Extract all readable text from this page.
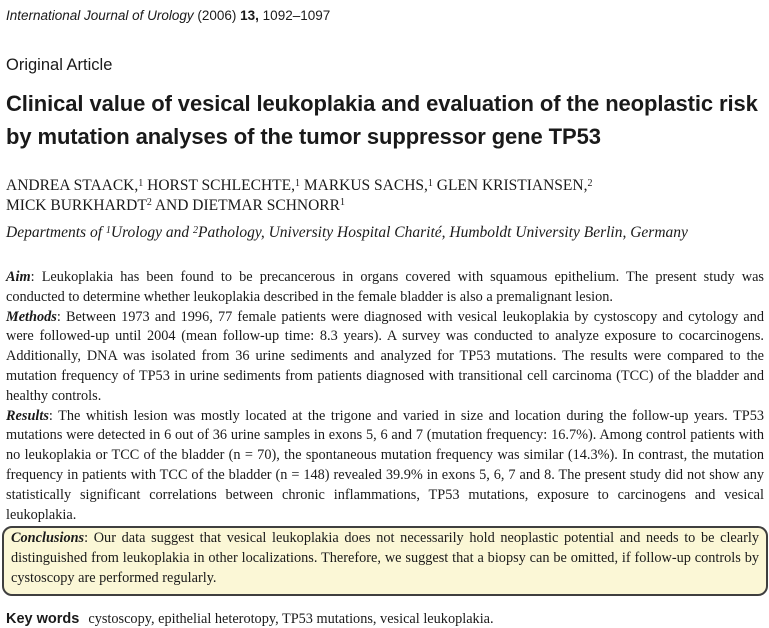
International Journal of Urology (2006) 13, 1092–1097
Original Article
Clinical value of vesical leukoplakia and evaluation of the neoplastic risk by mutation analyses of the tumor suppressor gene TP53

ANDREA STAACK,$^1$ HORST SCHLECHTE,$^1$ MARKUS SACHS,$^1$ GLEN KRISTIANSEN,$^2$
MICK BURKHARDT$^2$ AND DIETMAR SCHNORR$^1$

Departments of $^1$Urology and $^2$Pathology, University Hospital Charité, Humboldt University Berlin, Germany

Aim: Leukoplakia has been found to be precancerous in organs covered with squamous epithelium. The present study was conducted to determine whether leukoplakia described in the female bladder is also a premalignant lesion.

Methods: Between 1973 and 1996, 77 female patients were diagnosed with vesical leukoplakia by cystoscopy and cytology and were followed-up until 2004 (mean follow-up time: 8.3 years). A survey was conducted to analyze exposure to cocarcinogens. Additionally, DNA was isolated from 36 urine sediments and analyzed for TP53 mutations. The results were compared to the mutation frequency of TP53 in urine sediments from patients diagnosed with transitional cell carcinoma (TCC) of the bladder and healthy controls.

Results: The whitish lesion was mostly located at the trigone and varied in size and location during the follow-up years. TP53 mutations were detected in 6 out of 36 urine samples in exons 5, 6 and 7 (mutation frequency: 16.7%). Among control patients with no leukoplakia or TCC of the bladder (n = 70), the spontaneous mutation frequency was similar (14.3%). In contrast, the mutation frequency in patients with TCC of the bladder (n = 148) revealed 39.9% in exons 5, 6, 7 and 8. The present study did not show any statistically significant correlations between chronic inflammations, TP53 mutations, exposure to carcinogens and vesical leukoplakia.

Conclusions: Our data suggest that vesical leukoplakia does not necessarily hold neoplastic potential and needs to be clearly distinguished from leukoplakia in other localizations. Therefore, we suggest that a biopsy can be omitted, if follow-up controls by cystoscopy are performed regularly.

Key words cystoscopy, epithelial heterotopy, TP53 mutations, vesical leukoplakia.
